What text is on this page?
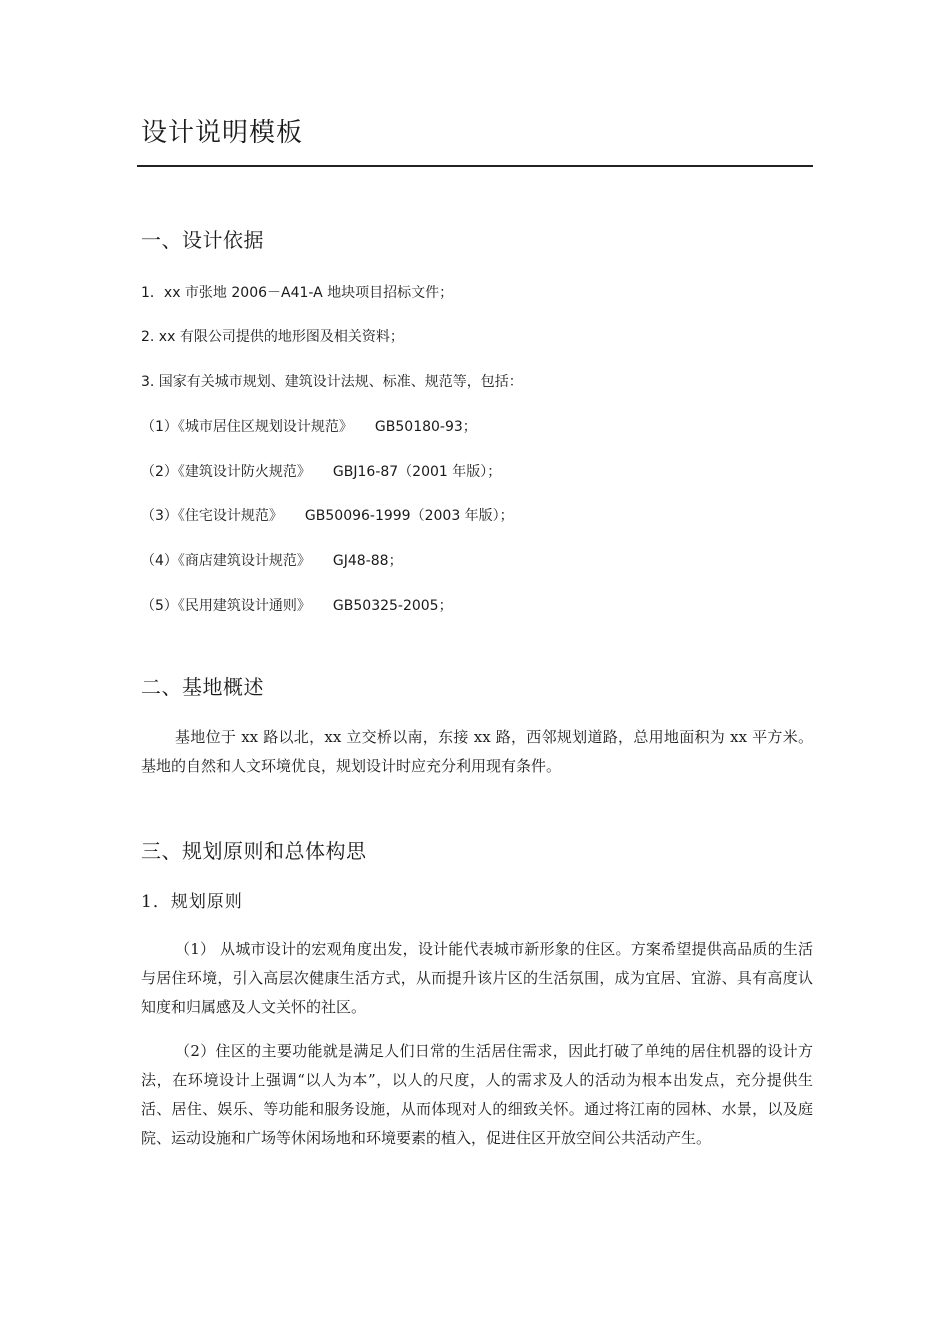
设计说明模板
一、设计依据
1．xx 市张地 2006－A41-A 地块项目招标文件；
2. xx 有限公司提供的地形图及相关资料；
3. 国家有关城市规划、建筑设计法规、标准、规范等，包括：
（1）《城市居住区规划设计规范》 GB50180-93；
（2）《建筑设计防火规范》 GBJ16-87（2001 年版）；
（3）《住宅设计规范》 GB50096-1999（2003 年版）；
（4）《商店建筑设计规范》 GJ48-88；
（5）《民用建筑设计通则》 GB50325-2005；
二、基地概述
基地位于 xx 路以北，xx 立交桥以南，东接 xx 路，西邻规划道路，总用地面积为 xx 平方米。基地的自然和人文环境优良，规划设计时应充分利用现有条件。
三、规划原则和总体构思
1．规划原则
（1） 从城市设计的宏观角度出发，设计能代表城市新形象的住区。方案希望提供高品质的生活与居住环境，引入高层次健康生活方式，从而提升该片区的生活氛围，成为宜居、宜游、具有高度认知度和归属感及人文关怀的社区。
（2）住区的主要功能就是满足人们日常的生活居住需求，因此打破了单纯的居住机器的设计方法，在环境设计上强调“以人为本”，以人的尺度，人的需求及人的活动为根本出发点，充分提供生活、居住、娱乐、等功能和服务设施，从而体现对人的细致关怀。通过将江南的园林、水景，以及庭院、运动设施和广场等休闲场地和环境要素的植入，促进住区开放空间公共活动产生。
